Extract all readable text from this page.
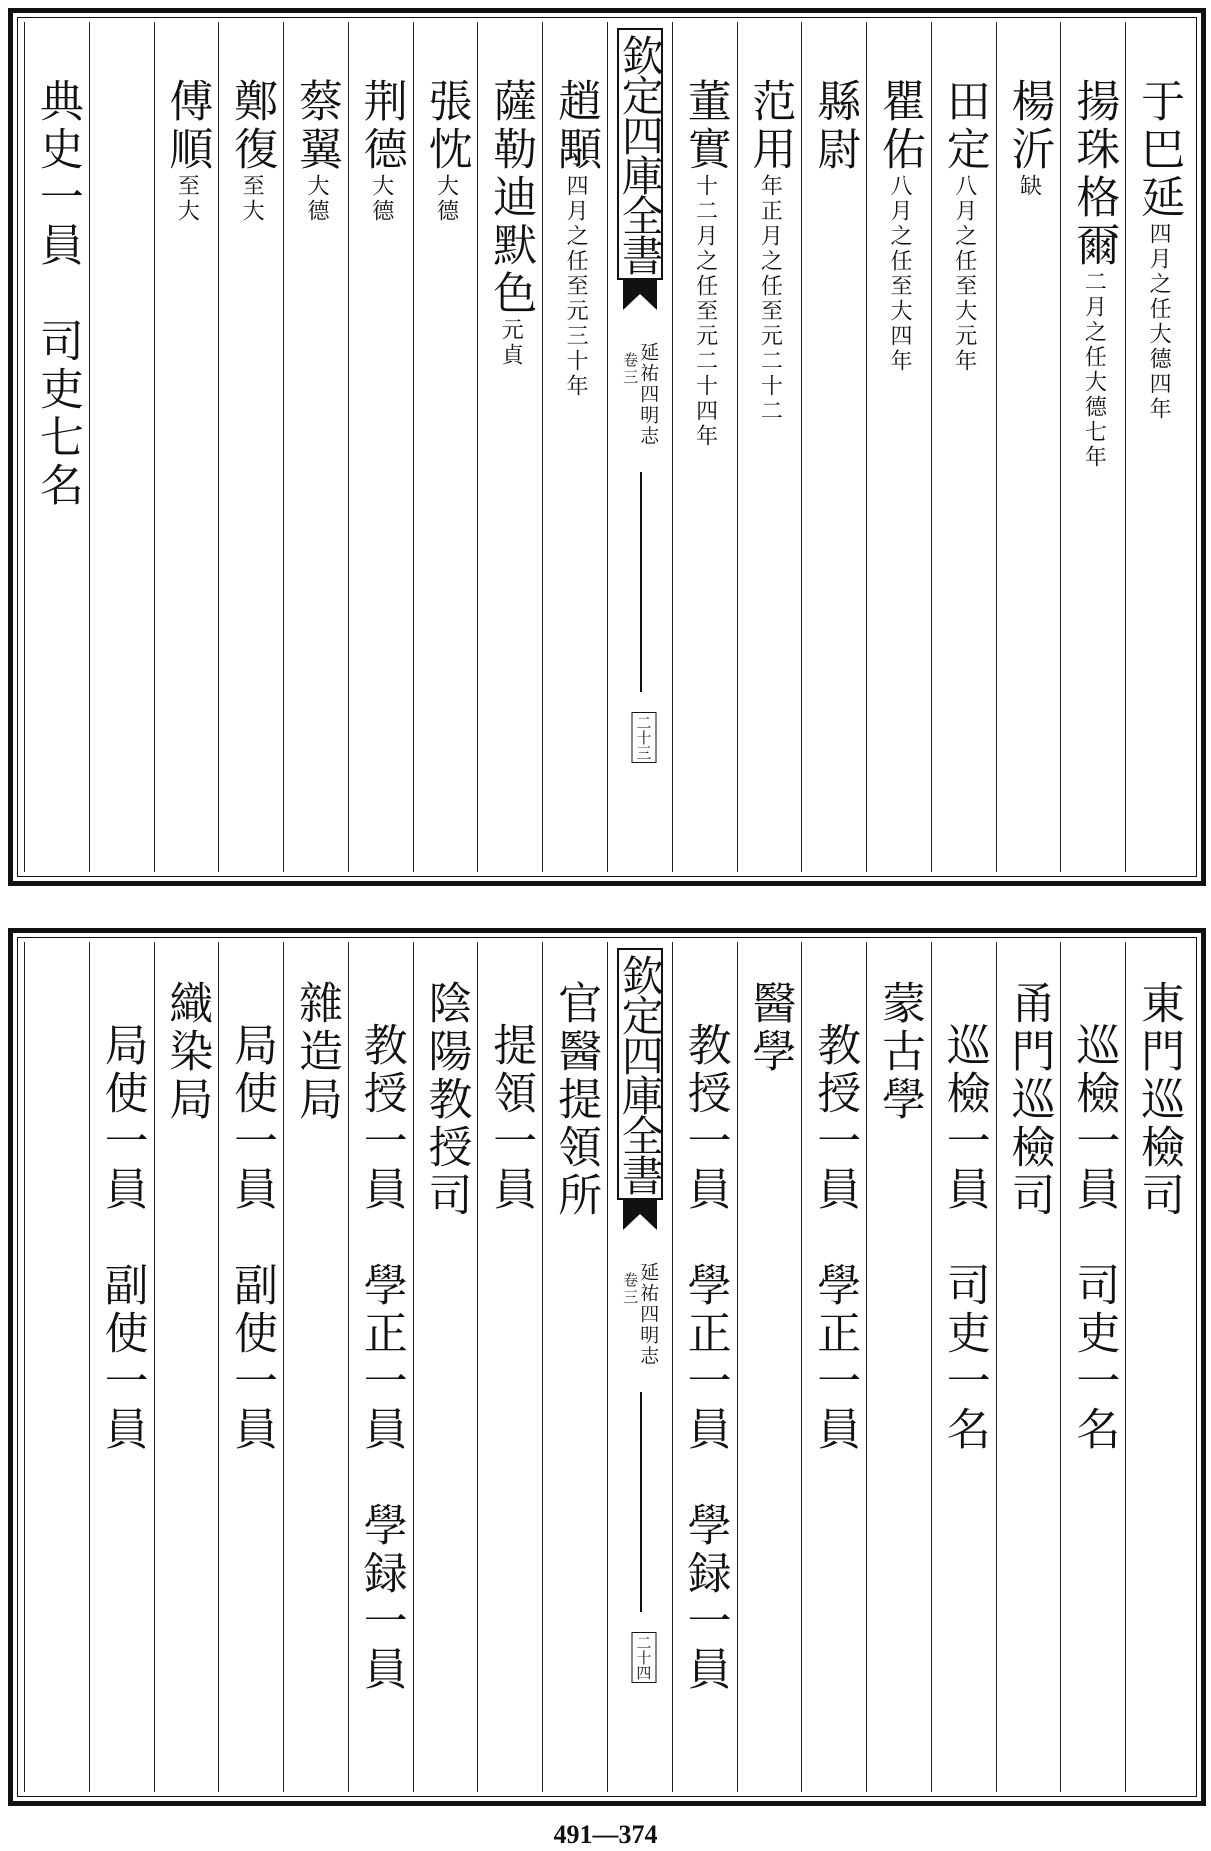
于巴延
大德四年
四月之任
揚珠格爾
大德七年
二月之任
楊沂
缺
田定
至大元年
八月之任
瞿佑
至大四年
八月之任
縣尉
范用
至元二十二
年正月之任
董實
至元二十四年
十二月之任
欽定四庫全書
延祐四明志
卷三
二十三
趙顒
至元三十年
四月之任
薩勒迪默色
元貞
張忱
大德
荆德
大德
蔡翼
大德
鄭復
至大
傅順
至大
典史一員　司吏七名
東門巡檢司
巡檢一員　司吏一名
甬門巡檢司
巡檢一員　司吏一名
蒙古學
教授一員　學正一員
醫學
教授一員　學正一員　學録一員
欽定四庫全書
延祐四明志
卷三
二十四
官醫提領所
提領一員
陰陽教授司
教授一員　學正一員　學録一員
雜造局
局使一員　副使一員
織染局
局使一員　副使一員
491—374
